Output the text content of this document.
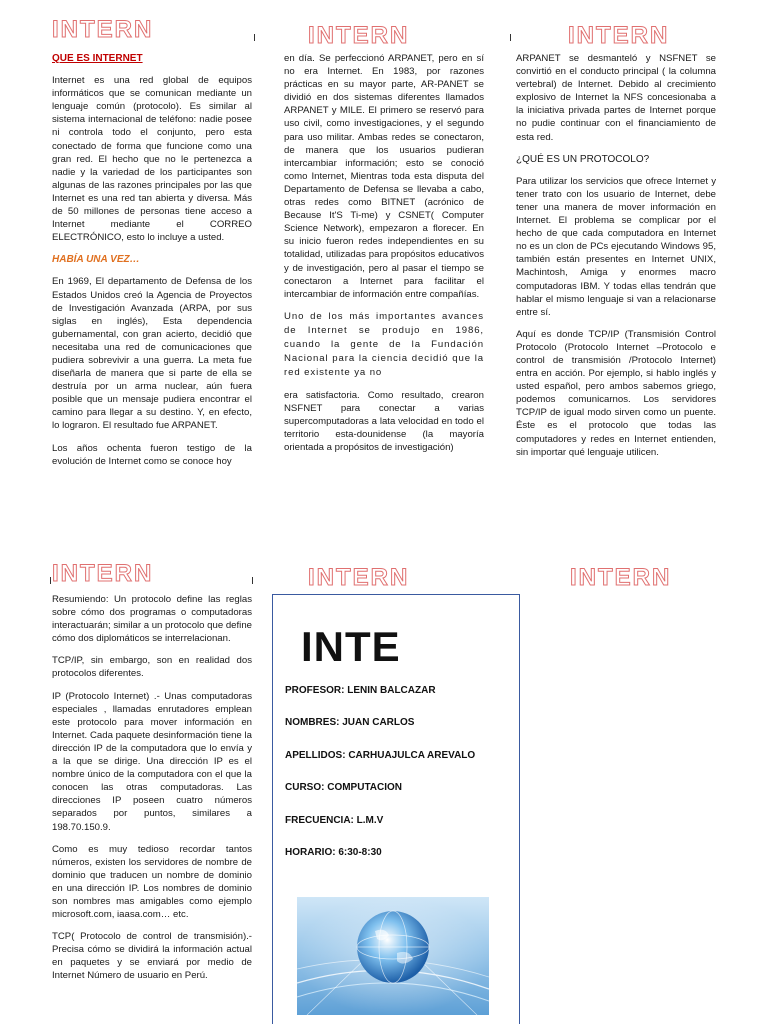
INTERN	INTERN	INTERN

QUE ES INTERNET

Internet es una red global de equipos informáticos que se comunican mediante un lenguaje común (protocolo). Es similar al sistema internacional de teléfono: nadie posee ni controla todo el conjunto, pero esta conectado de forma que funcione como una gran red. El hecho que no le pertenezca a nadie y la variedad de los participantes son algunas de las razones principales por las que Internet es una red tan abierta y diversa. Más de 50 millones de personas tiene acceso a Internet mediante el CORREO ELECTRÓNICO, esto lo incluye a usted.

HABÍA UNA VEZ…

En 1969, El departamento de Defensa de los Estados Unidos creó la Agencia de Proyectos de Investigación Avanzada (ARPA, por sus siglas en inglés), Esta dependencia gubernamental, con gran acierto, decidió que necesitaba una red de comunicaciones que pudiera sobrevivir a una guerra. La meta fue diseñarla de manera que si parte de ella se destruía por un arma nuclear, aún fuera posible que un mensaje pudiera encontrar el camino para llegar a su destino. Y, en efecto, lo lograron. El resultado fue ARPANET.

Los años ochenta fueron testigo de la evolución de Internet como se conoce hoy

en día. Se perfeccionó ARPANET, pero en sí no era Internet. En 1983, por razones prácticas en su mayor parte, AR-PANET se dividió en dos sistemas diferentes llamados ARPANET y MILE. El primero se reservó para uso civil, como investigaciones, y el segundo para uso militar. Ambas redes se conectaron, de manera que los usuarios pudieran intercambiar información; esto se conoció como Internet, Mientras toda esta disputa del Departamento de Defensa se llevaba a cabo, otras redes como BITNET (acrónico de Because It'S Ti-me) y CSNET( Computer Science Network), empezaron a florecer. En su inicio fueron redes independientes en su totalidad, utilizadas para propósitos educativos y de investigación, pero al pasar el tiempo se conectaron a Internet para facilitar el intercambiar de información entre compañías.

Uno de los más importantes avances de Internet se produjo en 1986, cuando la gente de la Fundación Nacional para la ciencia decidió que la red existente ya no

era satisfactoria. Como resultado, crearon NSFNET para conectar a varias supercomputadoras a lata velocidad en todo el territorio esta-dounidense (la mayoría orientada a propósitos de investigación)

ARPANET se desmanteló y NSFNET se convirtió en el conducto principal ( la columna vertebral) de Internet. Debido al crecimiento explosivo de Internet la NFS concesionaba a la iniciativa privada partes de Internet porque no pudie continuar con el financiamiento de esta red.

¿QUÉ ES UN PROTOCOLO?

Para utilizar los servicios que ofrece Internet y tener trato con los usuario de Internet, debe tener una manera de mover información en Internet. El problema se complicar por el hecho de que cada computadora en Internet no es un clon de PCs ejecutando Windows 95, también están presentes en Internet UNIX, Machintosh, Amiga y enormes macro computadoras IBM. Y todas ellas tendrán que hablar el mismo lenguaje si van a relacionarse entre sí.

Aquí es donde TCP/IP (Transmisión Control Protocolo (Protocolo Internet –Protocolo e control de transmisión /Protocolo Internet) entra en acción. Por ejemplo, si hablo inglés y usted español, pero ambos sabemos griego, podemos comunicarnos. Los servidores TCP/IP de igual modo sirven como un puente. Éste es el protocolo que todas las computadores y redes en Internet entienden, sin importar qué lenguaje utilicen.

INTERN	INTERN	INTERN

Resumiendo: Un protocolo define las reglas sobre cómo dos programas o computadoras interactuarán; similar a un protocolo que define cómo dos diplomáticos se interrelacionan.

TCP/IP, sin embargo, son en realidad dos protocolos diferentes.

IP (Protocolo Internet) .- Unas computadoras especiales , llamadas enrutadores emplean este protocolo para mover información en Internet. Cada paquete desinformación tiene la dirección IP de la computadora que lo envía y a la que se dirige. Una dirección IP es el nombre único de la computadora con el que la conocen las otras computadoras. Las direcciones IP poseen cuatro números separados por puntos, similares a 198.70.150.9.

Como es muy tedioso recordar tantos números, existen los servidores de nombre de dominio que traducen un nombre de dominio en una dirección IP. Los nombres de dominio son nombres mas amigables como ejemplo microsoft.com, iaasa.com… etc.

TCP( Protocolo de control de transmisión).- Precisa cómo se dividirá la información actual en paquetes y se enviará por medio de Internet Número de usuario en Perú.

INTE
PROFESOR: LENIN BALCAZAR
NOMBRES: JUAN CARLOS
APELLIDOS: CARHUAJULCA AREVALO
CURSO: COMPUTACION
FRECUENCIA: L.M.V
HORARIO: 6:30-8:30
